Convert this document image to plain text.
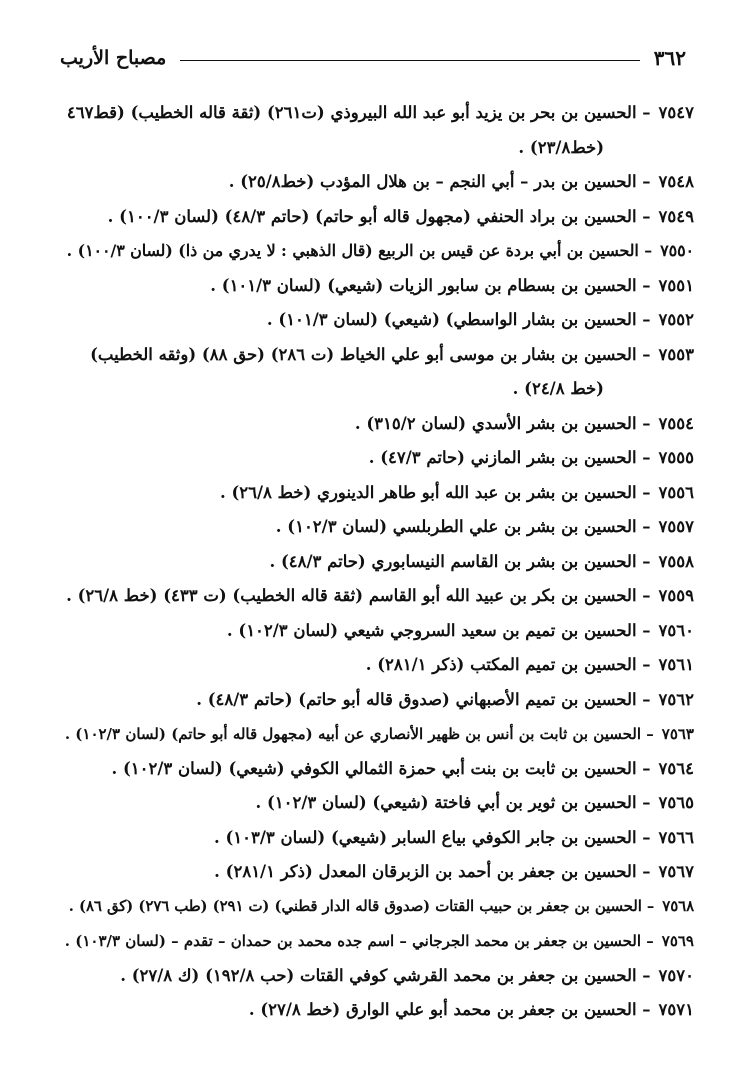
٣٦٢
مصباح الأريب
٧٥٤٧– الحسين بن بحر بن يزيد أبو عبد الله البيروذي (ت٢٦١) (ثقة قاله الخطيب) (قط٤٦٧
(خط٢٣/٨) .
٧٥٤٨– الحسين بن بدر – أبي النجم – بن هلال المؤدب (خط٢٥/٨) .
٧٥٤٩– الحسين بن براد الحنفي (مجهول قاله أبو حاتم) (حاتم ٤٨/٣) (لسان ١٠٠/٣) .
٧٥٥٠– الحسين بن أبي بردة عن قيس بن الربيع (قال الذهبي : لا يدري من ذا) (لسان ١٠٠/٣) .
٧٥٥١– الحسين بن بسطام بن سابور الزيات (شيعي) (لسان ١٠١/٣) .
٧٥٥٢– الحسين بن بشار الواسطي) (شيعي) (لسان ١٠١/٣) .
٧٥٥٣– الحسين بن بشار بن موسى أبو علي الخياط (ت ٢٨٦) (حق ٨٨) (وثقه الخطيب)
(خط ٢٤/٨) .
٧٥٥٤– الحسين بن بشر الأسدي (لسان ٣١٥/٢) .
٧٥٥٥– الحسين بن بشر المازني (حاتم ٤٧/٣) .
٧٥٥٦– الحسين بن بشر بن عبد الله أبو طاهر الدينوري (خط ٢٦/٨) .
٧٥٥٧– الحسين بن بشر بن علي الطربلسي (لسان ١٠٢/٣) .
٧٥٥٨– الحسين بن بشر بن القاسم النيسابوري (حاتم ٤٨/٣) .
٧٥٥٩– الحسين بن بكر بن عبيد الله أبو القاسم (ثقة قاله الخطيب) (ت ٤٣٣) (خط ٢٦/٨) .
٧٥٦٠– الحسين بن تميم بن سعيد السروجي شيعي (لسان ١٠٢/٣) .
٧٥٦١– الحسين بن تميم المكتب (ذكر ٢٨١/١) .
٧٥٦٢– الحسين بن تميم الأصبهاني (صدوق قاله أبو حاتم) (حاتم ٤٨/٣) .
٧٥٦٣– الحسين بن ثابت بن أنس بن ظهير الأنصاري عن أبيه (مجهول قاله أبو حاتم) (لسان ١٠٢/٣) .
٧٥٦٤– الحسين بن ثابت بن بنت أبي حمزة الثمالي الكوفي (شيعي) (لسان ١٠٢/٣) .
٧٥٦٥– الحسين بن ثوير بن أبي فاختة (شيعي) (لسان ١٠٢/٣) .
٧٥٦٦– الحسين بن جابر الكوفي بياع السابر (شيعي) (لسان ١٠٣/٣) .
٧٥٦٧– الحسين بن جعفر بن أحمد بن الزبرقان المعدل (ذكر ٢٨١/١) .
٧٥٦٨– الحسين بن جعفر بن حبيب القتات (صدوق قاله الدار قطني) (ت ٢٩١) (طب ٢٧٦) (كق ٨٦) .
٧٥٦٩– الحسين بن جعفر بن محمد الجرجاني – اسم جده محمد بن حمدان – تقدم – (لسان ١٠٣/٣) .
٧٥٧٠– الحسين بن جعفر بن محمد القرشي كوفي القتات (حب ١٩٢/٨) (ك ٢٧/٨) .
٧٥٧١– الحسين بن جعفر بن محمد أبو علي الوارق (خط ٢٧/٨) .
